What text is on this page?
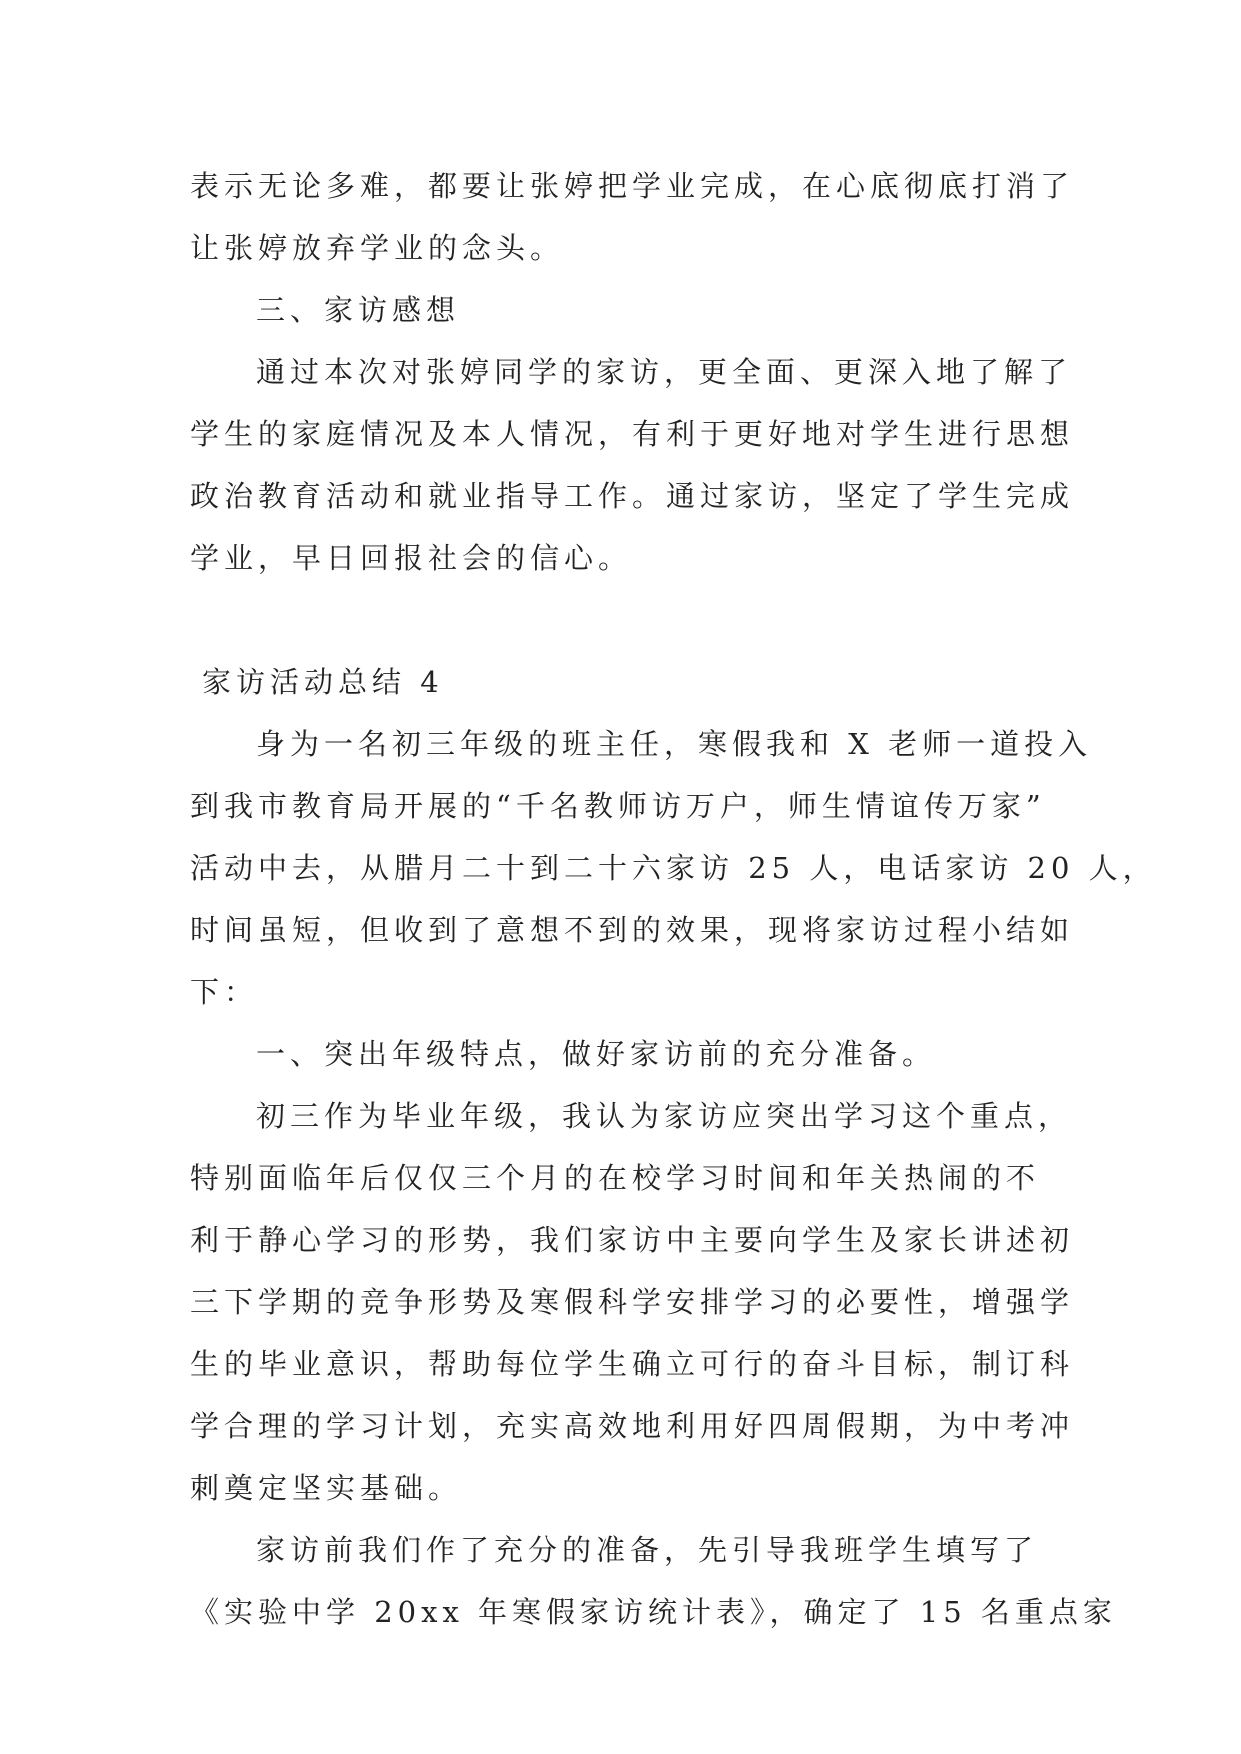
表示无论多难，都要让张婷把学业完成，在心底彻底打消了
让张婷放弃学业的念头。
三、家访感想
通过本次对张婷同学的家访，更全面、更深入地了解了
学生的家庭情况及本人情况，有利于更好地对学生进行思想
政治教育活动和就业指导工作。通过家访，坚定了学生完成
学业，早日回报社会的信心。
家访活动总结 4
身为一名初三年级的班主任，寒假我和 X 老师一道投入
到我市教育局开展的“千名教师访万户，师生情谊传万家”
活动中去，从腊月二十到二十六家访 25 人，电话家访 20 人，
时间虽短，但收到了意想不到的效果，现将家访过程小结如
下：
一、突出年级特点，做好家访前的充分准备。
初三作为毕业年级，我认为家访应突出学习这个重点，
特别面临年后仅仅三个月的在校学习时间和年关热闹的不
利于静心学习的形势，我们家访中主要向学生及家长讲述初
三下学期的竞争形势及寒假科学安排学习的必要性，增强学
生的毕业意识，帮助每位学生确立可行的奋斗目标，制订科
学合理的学习计划，充实高效地利用好四周假期，为中考冲
刺奠定坚实基础。
家访前我们作了充分的准备，先引导我班学生填写了
《实验中学 20xx 年寒假家访统计表》，确定了 15 名重点家
